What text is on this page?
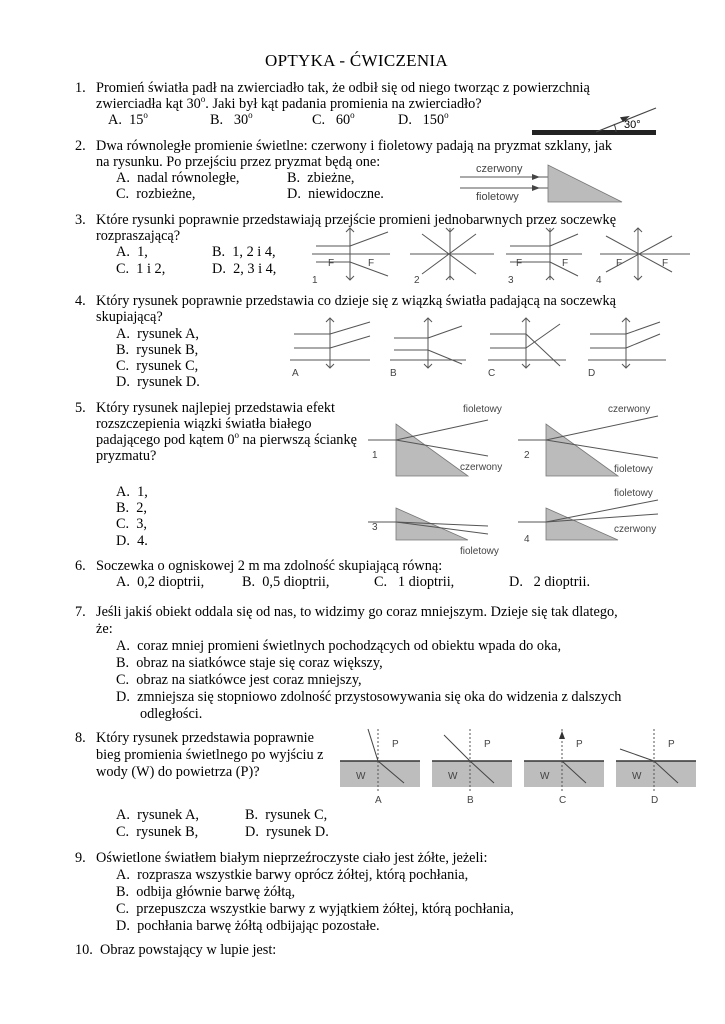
OPTYKA - ĆWICZENIA
1. Promień światła padł na zwierciadło tak, że odbił się od niego tworząc z powierzchnią
zwierciadła kąt 30$^o$. Jaki był kąt padania promienia na zwierciadło?
A. 15$^o$	B. 30$^o$	C. 60$^o$	D. 150$^o$
30°
2. Dwa równoległe promienie świetlne: czerwony i fioletowy padają na pryzmat szklany, jak
na rysunku. Po przejściu przez pryzmat będą one:
A. nadal równoległe,	B. zbieżne,
C. rozbieżne,	D. niewidoczne.
czerwony
fioletowy
3. Które rysunki poprawnie przedstawiają przejście promieni jednobarwnych przez soczewkę
rozpraszającą?
A. 1,	B. 1, 2 i 4,
C. 1 i 2,	D. 2, 3 i 4,	F	F
1	2
F	F
3
F	F
4
4. Który rysunek poprawnie przedstawia co dzieje się z wiązką światła padającą na soczewką
skupiającą?
A. rysunek A,
B. rysunek B,
C. rysunek C,
D. rysunek D.
A	B	C	D
5. Który rysunek najlepiej przedstawia efekt
rozszczepienia wiązki światła białego
padającego pod kątem 0$^o$ na pierwszą ściankę
pryzmatu?
A. 1,
B. 2,
C. 3,
D. 4.
fioletowy
czerwony
1
czerwony
fioletowy
2
fioletowy
3
fioletowy
czerwony
4
6. Soczewka o ogniskowej 2 m ma zdolność skupiającą równą:
A. 0,2 dioptrii,	B. 0,5 dioptrii,	C. 1 dioptrii,	D. 2 dioptrii.
7. Jeśli jakiś obiekt oddala się od nas, to widzimy go coraz mniejszym. Dzieje się tak dlatego,
że:
A. coraz mniej promieni świetlnych pochodzących od obiektu wpada do oka,
B. obraz na siatkówce staje się coraz większy,
C. obraz na siatkówce jest coraz mniejszy,
D. zmniejsza się stopniowo zdolność przystosowywania się oka do widzenia z dalszych
odległości.
8. Który rysunek przedstawia poprawnie
bieg promienia świetlnego po wyjściu z
wody (W) do powietrza (P)?
A. rysunek A,	B. rysunek C,
C. rysunek B,	D. rysunek D.
P
W
P
W
P
W
P
W
A	B	C	D
9. Oświetlone światłem białym nieprzeźroczyste ciało jest żółte, jeżeli:
A. rozprasza wszystkie barwy oprócz żółtej, którą pochłania,
B. odbija głównie barwę żółtą,
C. przepuszcza wszystkie barwy z wyjątkiem żółtej, którą pochłania,
D. pochłania barwę żółtą odbijając pozostałe.
10. Obraz powstający w lupie jest:
